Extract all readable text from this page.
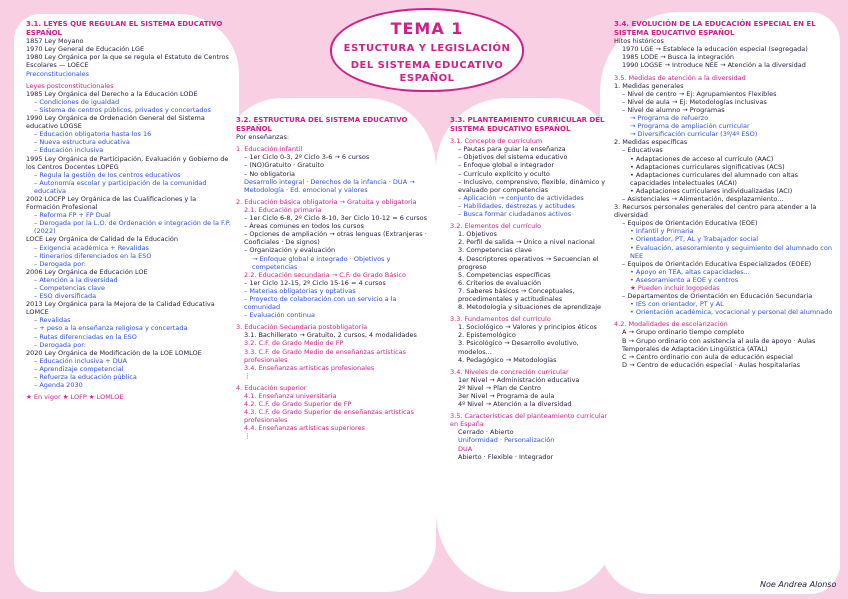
TEMA 1
ESTUCTURA Y LEGISLACIÓN
DEL SISTEMA EDUCATIVO ESPAÑOL
3.1. LEYES QUE REGULAN EL SISTEMA EDUCATIVO ESPAÑOL
1857 Ley Moyano
1970 Ley General de Educación LGE
1980 Ley Orgánica por la que se regula el Estatuto de Centros Escolares — LOECE
Preconstitucionales
Leyes postconstitucionales
1985 Ley Orgánica del Derecho a la Educación LODE
– Condiciones de igualdad
– Sistema de centros públicos, privados y concertados
1990 Ley Orgánica de Ordenación General del Sistema educativo LOGSE
– Educación obligatoria hasta los 16
– Nueva estructura educativa
– Educación inclusiva
1995 Ley Orgánica de Participación, Evaluación y Gobierno de los Centros Docentes LOPEG
– Regula la gestión de los centros educativos
– Autonomía escolar y participación de la comunidad educativa
2002 LOCFP Ley Orgánica de las Cualificaciones y la Formación Profesional
– Reforma FP + FP Dual
– Derogada por la L.O. de Ordenación e integración de la F.P. (2022)
LOCE Ley Orgánica de Calidad de la Educación
– Exigencia académica + Revalidas
– Itinerarios diferenciados en la ESO
– Derogada por:
2006 Ley Orgánica de Educación LOE
– Atención a la diversidad
– Competencias clave
– ESO diversificada
2013 Ley Orgánica para la Mejora de la Calidad Educativa LOMCE
– Revalidas
– + peso a la enseñanza religiosa y concertada
– Rutas diferenciadas en la ESO
– Derogada por:
2020 Ley Orgánica de Modificación de la LOE LOMLOE
– Educación inclusiva + DUA
– Aprendizaje competencial
– Refuerza la educación pública
– Agenda 2030
★ En vigor ★ LOFP ★ LOMLOE
3.2. ESTRUCTURA DEL SISTEMA EDUCATIVO ESPAÑOL
Por enseñanzas:
1. Educación infantil
– 1er Ciclo 0-3, 2º Ciclo 3-6 → 6 cursos
– (NO)Gratuito · Gratuito
– No obligatoria
Desarrollo integral · Derechos de la infancia · DUA → Metodología · Ed. emocional y valores
2. Educación básica obligatoria → Gratuita y obligatoria
2.1. Educación primaria
– 1er Ciclo 6-8, 2º Ciclo 8-10, 3er Ciclo 10-12 = 6 cursos
– Áreas comunes en todos los cursos
– Opciones de ampliación → otras lenguas (Extranjeras · Cooficiales · De signos)
– Organización y evaluación
→ Enfoque global e integrado · Objetivos y competencias
2.2. Educación secundaria → C.F. de Grado Básico
– 1er Ciclo 12-15, 2º Ciclo 15-16 = 4 cursos
– Materias obligatorias y optativas
– Proyecto de colaboración con un servicio a la comunidad
– Evaluación continua
3. Educación Secundaria postobligatoria
3.1. Bachillerato → Gratuito, 2 cursos, 4 modalidades
3.2. C.F. de Grado Medio de FP
3.3. C.F. de Grado Medio de enseñanzas artísticas profesionales
3.4. Enseñanzas artísticas profesionales
⋮
4. Educación superior
4.1. Enseñanza universitaria
4.2. C.F. de Grado Superior de FP
4.3. C.F. de Grado Superior de enseñanzas artísticas profesionales
4.4. Enseñanzas artísticas superiores
⋮
3.3. PLANTEAMIENTO CURRICULAR DEL SISTEMA EDUCATIVO ESPAÑOL
3.1. Concepto de currículum
– Pautas para guiar la enseñanza
– Objetivos del sistema educativo
– Enfoque global e integrador
– Currículo explícito y oculto
– Inclusivo, comprensivo, flexible, dinámico y evaluado por competencias
– Aplicación → conjunto de actividades
– Habilidades, destrezas y actitudes
– Busca formar ciudadanos activos
3.2. Elementos del currículo
1. Objetivos
2. Perfil de salida → Único a nivel nacional
3. Competencias clave
4. Descriptores operativos → Secuencian el progreso
5. Competencias específicas
6. Criterios de evaluación
7. Saberes básicos → Conceptuales, procedimentales y actitudinales
8. Metodología y situaciones de aprendizaje
3.3. Fundamentos del currículo
1. Sociológico → Valores y principios éticos
2. Epistemológico
3. Psicológico → Desarrollo evolutivo, modelos...
4. Pedagógico → Metodologías
3.4. Niveles de concreción curricular
1er Nivel → Administración educativa
2º Nivel → Plan de Centro
3er Nivel → Programa de aula
4º Nivel → Atención a la diversidad
3.5. Características del planteamiento curricular en España
Cerrado · Abierto
Uniformidad · Personalización
DUA
Abierto · Flexible · Integrador
3.4. EVOLUCIÓN DE LA EDUCACIÓN ESPECIAL EN EL SISTEMA EDUCATIVO ESPAÑOL
Hitos históricos
1970 LGE → Establece la educación especial (segregada)
1985 LODE → Busca la integración
1990 LOGSE → Introduce NEE → Atención a la diversidad
3.5. Medidas de atención a la diversidad
1. Medidas generales
– Nivel de centro → Ej: Agrupamientos Flexibles
– Nivel de aula → Ej: Metodologías inclusivas
– Nivel de alumno → Programas
→ Programa de refuerzo
→ Programa de ampliación curricular
→ Diversificación curricular (3º/4º ESO)
2. Medidas específicas
– Educativas
• Adaptaciones de acceso al currículo (AAC)
• Adaptaciones curriculares significativas (ACS)
• Adaptaciones curriculares del alumnado con altas capacidades Intelectuales (ACAI)
• Adaptaciones curriculares individualizadas (ACI)
– Asistenciales → Alimentación, desplazamiento...
3. Recursos personales generales del centro para atender a la diversidad
– Equipos de Orientación Educativa (EOE)
• Infantil y Primaria
• Orientador, PT, AL y Trabajador social
• Evaluación, asesoramiento y seguimiento del alumnado con NEE
– Equipos de Orientación Educativa Especializados (EOEE)
• Apoyo en TEA, altas capacidades...
• Asesoramiento a EOE y centros
★ Pueden incluir logopedas
– Departamentos de Orientación en Educación Secundaria
• IES con orientador, PT y AL
• Orientación académica, vocacional y personal del alumnado
4.2. Modalidades de escolarización
A → Grupo ordinario tiempo completo
B → Grupo ordinario con asistencia al aula de apoyo · Aulas Temporales de Adaptación Lingüística (ATAL)
C → Centro ordinario con aula de educación especial
D → Centro de educación especial · Aulas hospitalarias
Noe Andrea Alonso
